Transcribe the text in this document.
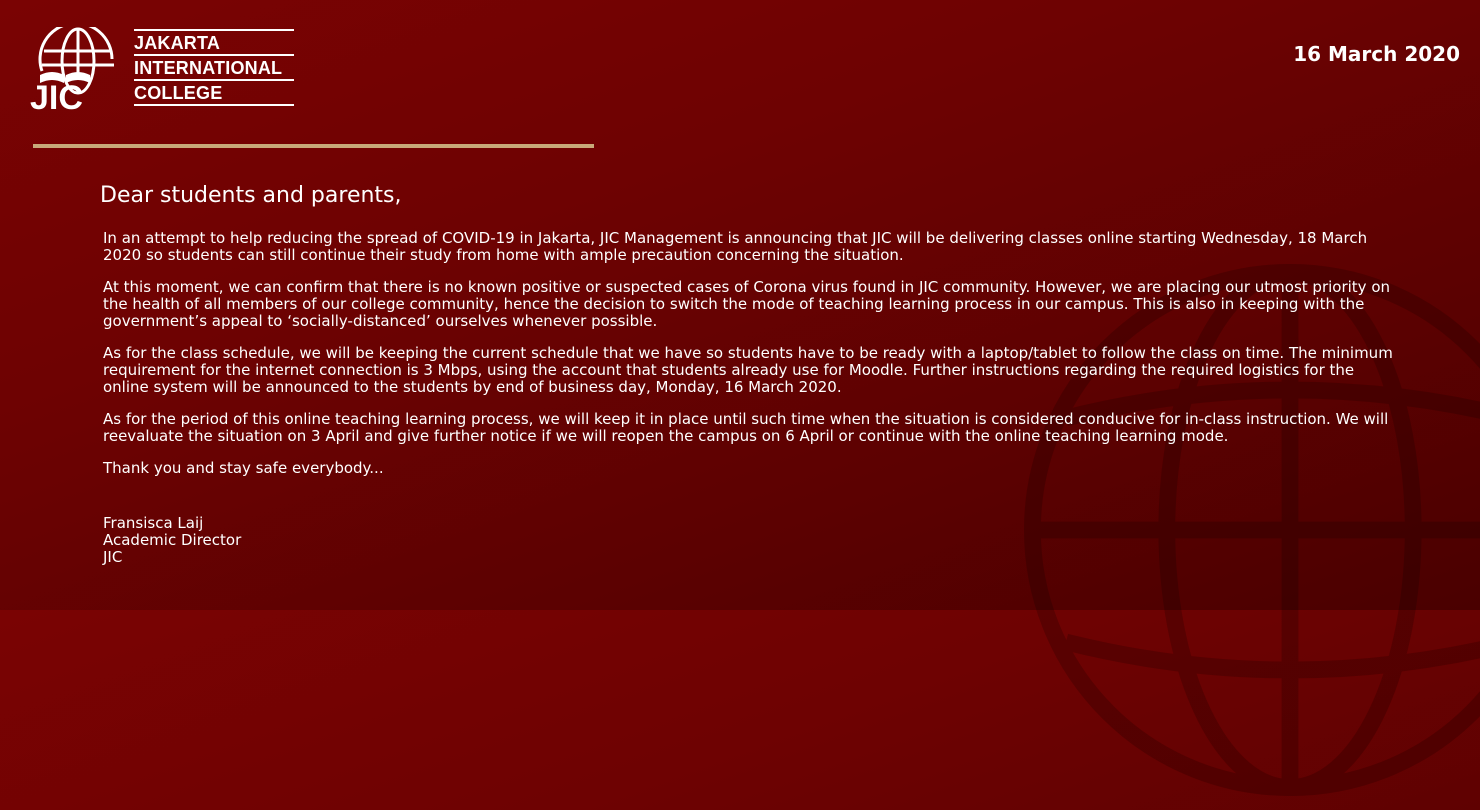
JIC
JAKARTA
INTERNATIONAL
COLLEGE
16 March 2020
Dear students and parents,

In an attempt to help reducing the spread of COVID-19 in Jakarta, JIC Management is announcing that JIC will be delivering classes online starting Wednesday, 18 March 2020 so students can still continue their study from home with ample precaution concerning the situation.

At this moment, we can confirm that there is no known positive or suspected cases of Corona virus found in JIC community. However, we are placing our utmost priority on the health of all members of our college community, hence the decision to switch the mode of teaching learning process in our campus. This is also in keeping with the government’s appeal to ‘socially-distanced’ ourselves whenever possible.

As for the class schedule, we will be keeping the current schedule that we have so students have to be ready with a laptop/tablet to follow the class on time. The minimum requirement for the internet connection is 3 Mbps, using the account that students already use for Moodle. Further instructions regarding the required logistics for the online system will be announced to the students by end of business day, Monday, 16 March 2020.

As for the period of this online teaching learning process, we will keep it in place until such time when the situation is considered conducive for in-class instruction. We will reevaluate the situation on 3 April and give further notice if we will reopen the campus on 6 April or continue with the online teaching learning mode.

Thank you and stay safe everybody...

Fransisca Laij
Academic Director
JIC
